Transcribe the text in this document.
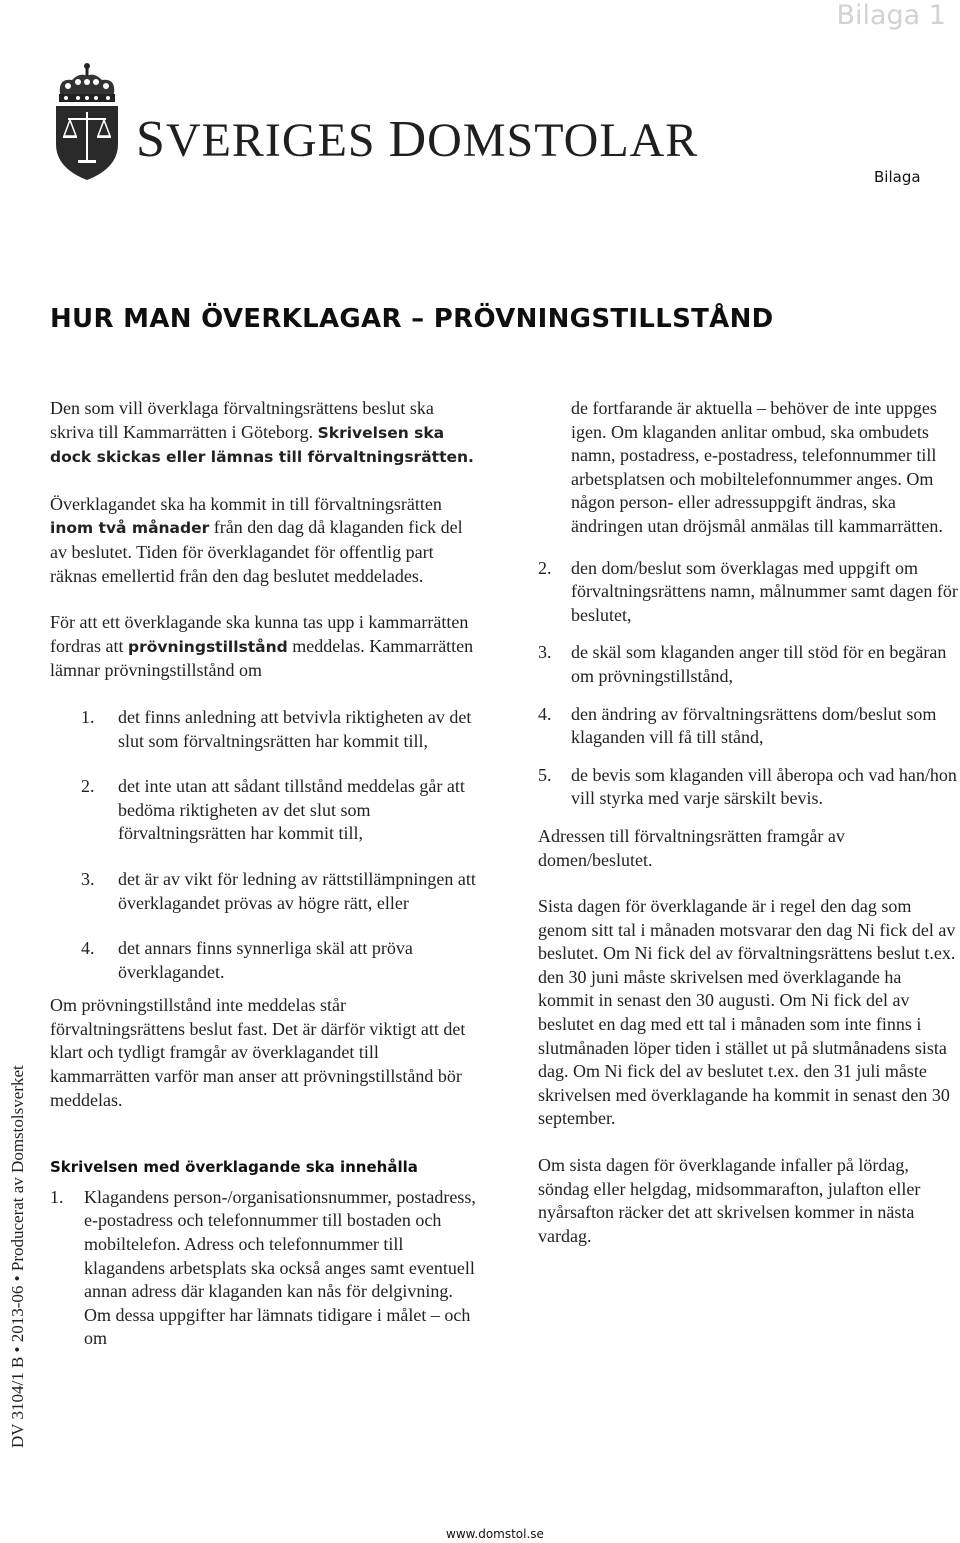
Bilaga 1
SVERIGES DOMSTOLAR
Bilaga
HUR MAN ÖVERKLAGAR – PRÖVNINGSTILLSTÅND

Den som vill överklaga förvaltningsrättens beslut ska skriva till Kammarrätten i Göteborg. Skrivelsen ska dock skickas eller lämnas till förvaltningsrätten.

Överklagandet ska ha kommit in till förvaltningsrätten inom två månader från den dag då klaganden fick del av beslutet. Tiden för överklagandet för offentlig part räknas emellertid från den dag beslutet meddelades.

För att ett överklagande ska kunna tas upp i kammarrätten fordras att prövningstillstånd meddelas. Kammarrätten lämnar prövningstillstånd om

1.	det finns anledning att betvivla riktigheten av det slut som förvaltningsrätten har kommit till,
2.	det inte utan att sådant tillstånd meddelas går att bedöma riktigheten av det slut som förvaltningsrätten har kommit till,
3.	det är av vikt för ledning av rättstillämpningen att överklagandet prövas av högre rätt, eller
4.	det annars finns synnerliga skäl att pröva överklagandet.

Om prövningstillstånd inte meddelas står förvaltningsrättens beslut fast. Det är därför viktigt att det klart och tydligt framgår av överklagandet till kammarrätten varför man anser att prövningstillstånd bör meddelas.

Skrivelsen med överklagande ska innehålla
1.	Klagandens person-/organisationsnummer, postadress, e-postadress och telefonnummer till bostaden och mobiltelefon. Adress och telefonnummer till klagandens arbetsplats ska också anges samt eventuell annan adress där klaganden kan nås för delgivning. Om dessa uppgifter har lämnats tidigare i målet – och om

de fortfarande är aktuella – behöver de inte uppges igen. Om klaganden anlitar ombud, ska ombudets namn, postadress, e-postadress, telefonnummer till arbetsplatsen och mobiltelefonnummer anges. Om någon person- eller adressuppgift ändras, ska ändringen utan dröjsmål anmälas till kammarrätten.

2.	den dom/beslut som överklagas med uppgift om förvaltningsrättens namn, målnummer samt dagen för beslutet,
3.	de skäl som klaganden anger till stöd för en begäran om prövningstillstånd,
4.	den ändring av förvaltningsrättens dom/beslut som klaganden vill få till stånd,
5.	de bevis som klaganden vill åberopa och vad han/hon vill styrka med varje särskilt bevis.

Adressen till förvaltningsrätten framgår av domen/beslutet.

Sista dagen för överklagande är i regel den dag som genom sitt tal i månaden motsvarar den dag Ni fick del av beslutet. Om Ni fick del av förvaltningsrättens beslut t.ex. den 30 juni måste skrivelsen med överklagande ha kommit in senast den 30 augusti. Om Ni fick del av beslutet en dag med ett tal i månaden som inte finns i slutmånaden löper tiden i stället ut på slutmånadens sista dag. Om Ni fick del av beslutet t.ex. den 31 juli måste skrivelsen med överklagande ha kommit in senast den 30 september.

Om sista dagen för överklagande infaller på lördag, söndag eller helgdag, midsommarafton, julafton eller nyårsafton räcker det att skrivelsen kommer in nästa vardag.

DV 3104/1 B • 2013-06 • Producerat av Domstolsverket
www.domstol.se
